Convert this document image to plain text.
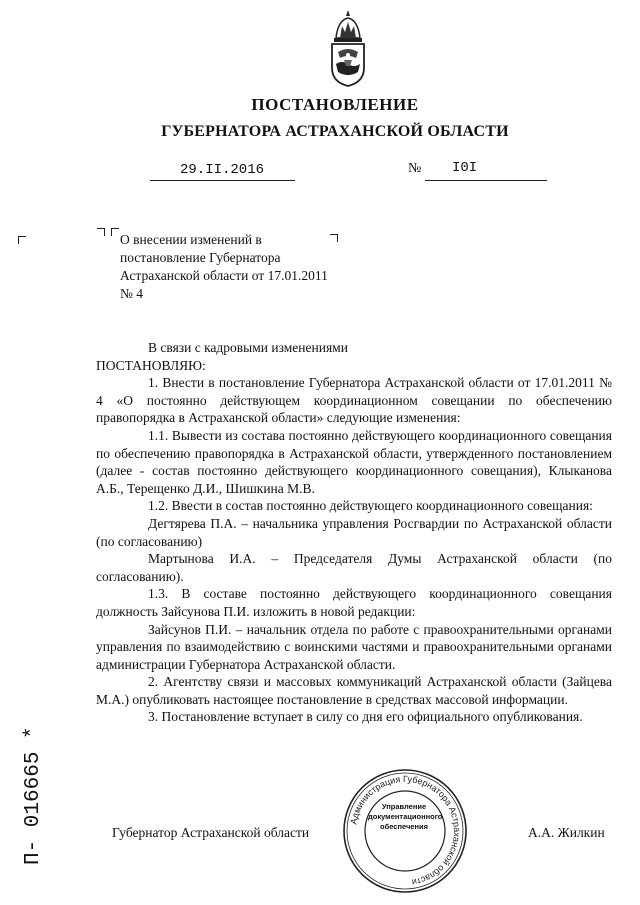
ПОСТАНОВЛЕНИЕ
ГУБЕРНАТОРА АСТРАХАНСКОЙ ОБЛАСТИ
29.II.2016	№ I0I
О внесении изменений в постановление Губернатора Астраханской области от 17.01.2011 № 4

В связи с кадровыми изменениями

ПОСТАНОВЛЯЮ:

1. Внести в постановление Губернатора Астраханской области от 17.01.2011 № 4 «О постоянно действующем координационном совещании по обеспечению правопорядка в Астраханской области» следующие изменения:

1.1. Вывести из состава постоянно действующего координационного совещания по обеспечению правопорядка в Астраханской области, утвержденного постановлением (далее - состав постоянно действующего координационного совещания), Клыканова А.Б., Терещенко Д.И., Шишкина М.В.

1.2. Ввести в состав постоянно действующего координационного совещания:

Дегтярева П.А. – начальника управления Росгвардии по Астраханской области (по согласованию)

Мартынова И.А. – Председателя Думы Астраханской области (по согласованию).

1.3. В составе постоянно действующего координационного совещания должность Зайсунова П.И. изложить в новой редакции:

Зайсунов П.И. – начальник отдела по работе с правоохранительными органами управления по взаимодействию с воинскими частями и правоохранительными органами администрации Губернатора Астраханской области.

2. Агентству связи и массовых коммуникаций Астраханской области (Зайцева М.А.) опубликовать настоящее постановление в средствах массовой информации.

3. Постановление вступает в силу со дня его официального опубликования.

Администрация Губернатора Астраханской области
Управление
документационного
обеспечения
Губернатор Астраханской области	А.А. Жилкин
П- 016665 *
